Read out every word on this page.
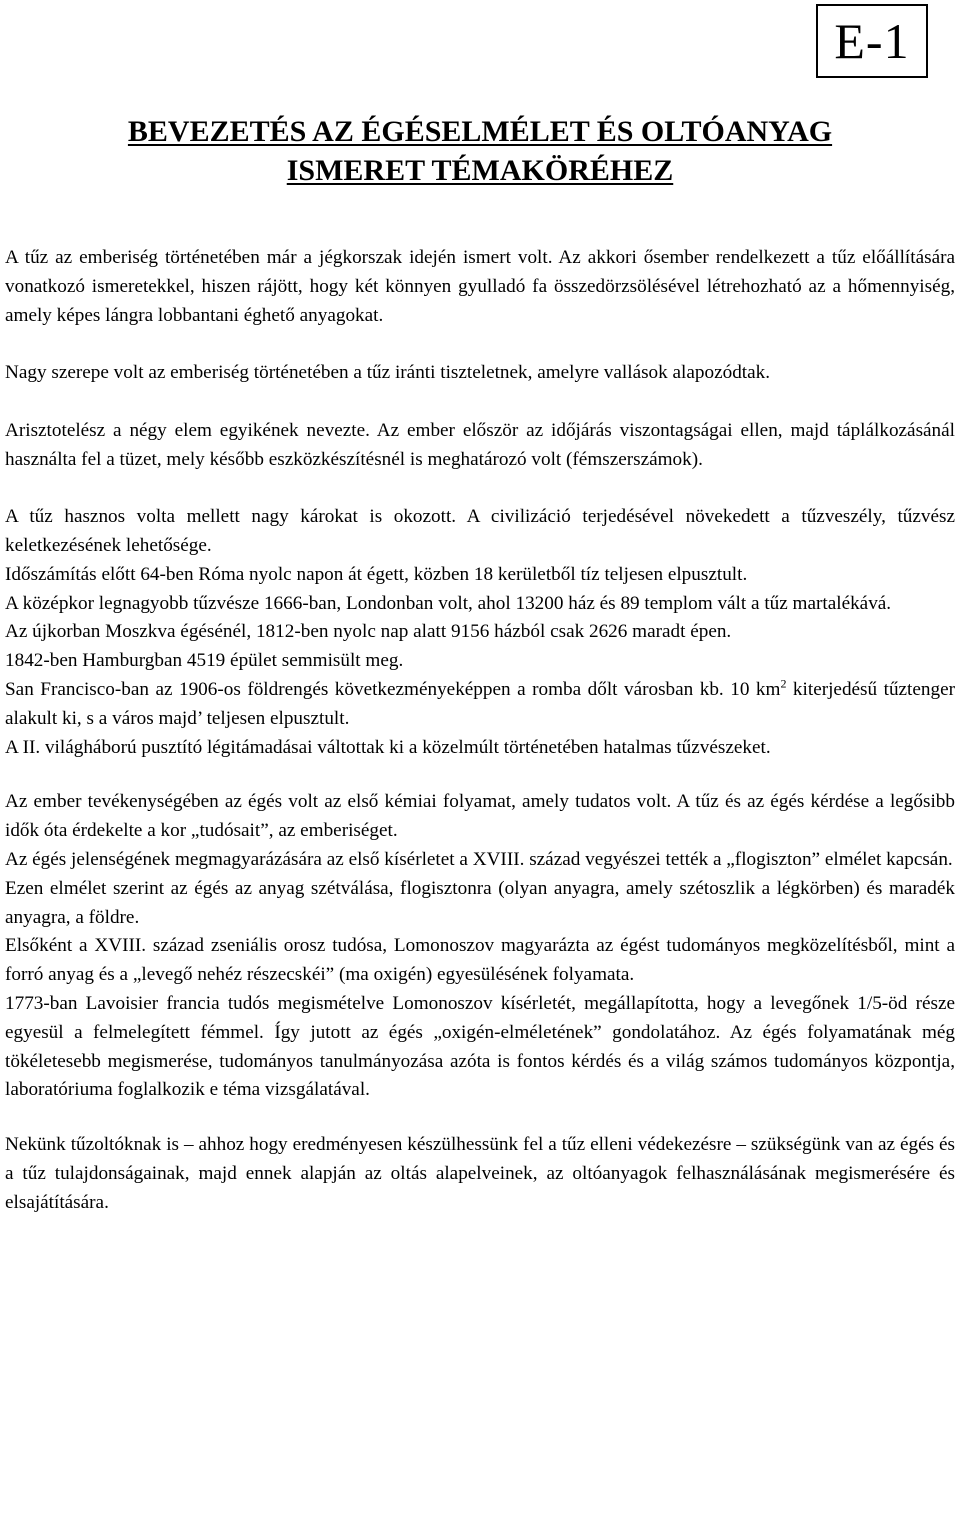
E-1
BEVEZETÉS AZ ÉGÉSELMÉLET ÉS OLTÓANYAG
ISMERET TÉMAKÖRÉHEZ

A tűz az emberiség történetében már a jégkorszak idején ismert volt. Az akkori ősember rendelkezett a tűz előállítására vonatkozó ismeretekkel, hiszen rájött, hogy két könnyen gyulladó fa összedörzsölésével létrehozható az a hőmennyiség, amely képes lángra lobbantani éghető anyagokat.

Nagy szerepe volt az emberiség történetében a tűz iránti tiszteletnek, amelyre vallások alapozódtak.

Arisztotelész a négy elem egyikének nevezte. Az ember először az időjárás viszontagságai ellen, majd táplálkozásánál használta fel a tüzet, mely később eszközkészítésnél is meghatározó volt (fémszerszámok).

A tűz hasznos volta mellett nagy károkat is okozott. A civilizáció terjedésével növekedett a tűzveszély, tűzvész keletkezésének lehetősége.

Időszámítás előtt 64-ben Róma nyolc napon át égett, közben 18 kerületből tíz teljesen elpusztult.

A középkor legnagyobb tűzvésze 1666-ban, Londonban volt, ahol 13200 ház és 89 templom vált a tűz martalékává.

Az újkorban Moszkva égésénél, 1812-ben nyolc nap alatt 9156 házból csak 2626 maradt épen.

1842-ben Hamburgban 4519 épület semmisült meg.

San Francisco-ban az 1906-os földrengés következményeképpen a romba dőlt városban kb. 10 $km^2$ kiterjedésű tűztenger alakult ki, s a város majd’ teljesen elpusztult.

A II. világháború pusztító légitámadásai váltottak ki a közelmúlt történetében hatalmas tűzvészeket.

Az ember tevékenységében az égés volt az első kémiai folyamat, amely tudatos volt. A tűz és az égés kérdése a legősibb idők óta érdekelte a kor „tudósait”, az emberiséget.

Az égés jelenségének megmagyarázására az első kísérletet a XVIII. század vegyészei tették a „flogiszton” elmélet kapcsán.

Ezen elmélet szerint az égés az anyag szétválása, flogisztonra (olyan anyagra, amely szétoszlik a légkörben) és maradék anyagra, a földre.

Elsőként a XVIII. század zseniális orosz tudósa, Lomonoszov magyarázta az égést tudományos megközelítésből, mint a forró anyag és a „levegő nehéz részecskéi” (ma oxigén) egyesülésének folyamata.

1773-ban Lavoisier francia tudós megismételve Lomonoszov kísérletét, megállapította, hogy a levegőnek 1/5-öd része egyesül a felmelegített fémmel. Így jutott az égés „oxigén-elméletének” gondolatához. Az égés folyamatának még tökéletesebb megismerése, tudományos tanulmányozása azóta is fontos kérdés és a világ számos tudományos központja, laboratóriuma foglalkozik e téma vizsgálatával.

Nekünk tűzoltóknak is – ahhoz hogy eredményesen készülhessünk fel a tűz elleni védekezésre – szükségünk van az égés és a tűz tulajdonságainak, majd ennek alapján az oltás alapelveinek, az oltóanyagok felhasználásának megismerésére és elsajátítására.
